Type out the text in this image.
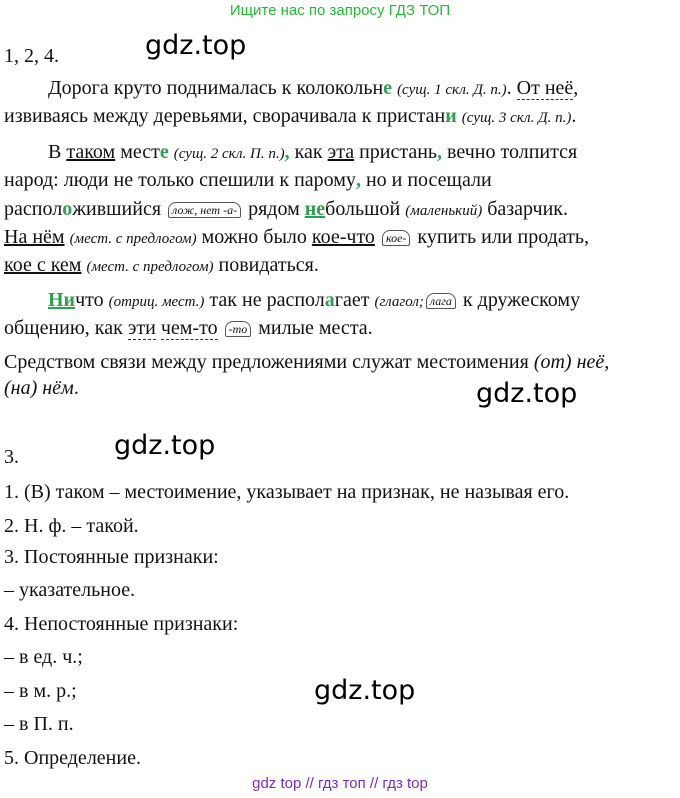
Ищите нас по запросу ГДЗ ТОП
1, 2, 4.	gdz.top
Дорога круто поднималась к колокольне (сущ. 1 скл. Д. п.). От неё,
извиваясь между деревьями, сворачивала к пристани (сущ. 3 скл. Д. п.).
В таком месте (сущ. 2 скл. П. п.), как эта пристань, вечно толпится
народ: люди не только спешили к парому, но и посещали
расположившийся лож, нет -а- рядом небольшой (маленький) базарчик.
На нём (мест. с предлогом) можно было кое-что кое- купить или продать,
кое с кем (мест. с предлогом) повидаться.
Ничто (отриц. мест.) так не располагает (глагол; лага к дружескому
общению, как эти чем-то -то милые места.
Средством связи между предложениями служат местоимения (от) неё,
(на) нём.	gdz.top
3.	gdz.top
1. (В) таком – местоимение, указывает на признак, не называя его.
2. Н. ф. – такой.
3. Постоянные признаки:
– указательное.
4. Непостоянные признаки:
– в ед. ч.;
– в м. р.;
– в П. п.
5. Определение.
gdz.top
gdz top // гдз топ // гдз top
